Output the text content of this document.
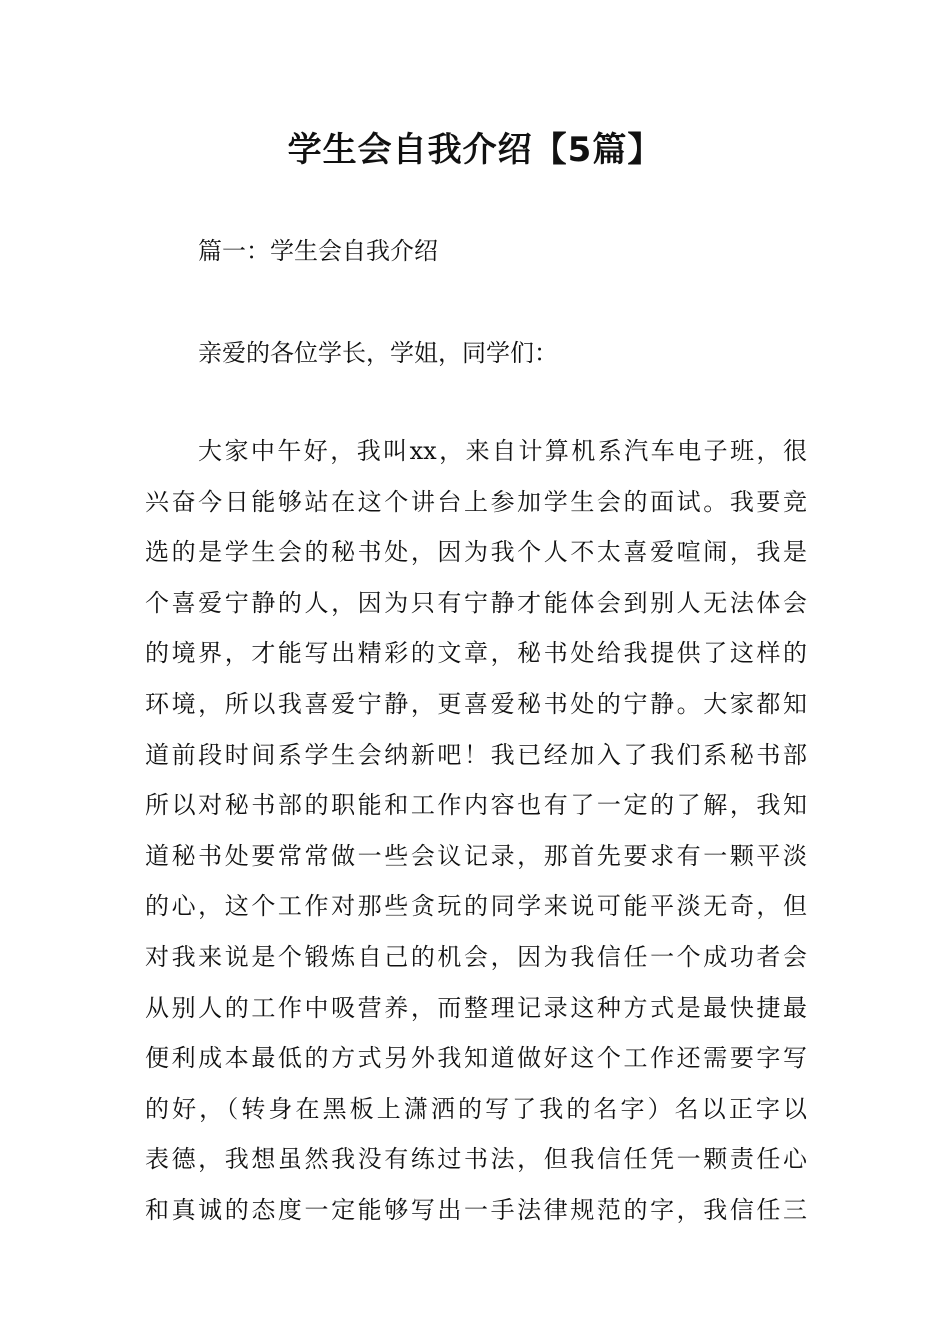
学生会自我介绍【5篇】
篇一：学生会自我介绍
亲爱的各位学长，学姐，同学们：
大家中午好，我叫xx，来自计算机系汽车电子班，很
兴奋今日能够站在这个讲台上参加学生会的面试。我要竞
选的是学生会的秘书处，因为我个人不太喜爱喧闹，我是
个喜爱宁静的人，因为只有宁静才能体会到别人无法体会
的境界，才能写出精彩的文章，秘书处给我提供了这样的
环境，所以我喜爱宁静，更喜爱秘书处的宁静。大家都知
道前段时间系学生会纳新吧！我已经加入了我们系秘书部
所以对秘书部的职能和工作内容也有了一定的了解，我知
道秘书处要常常做一些会议记录，那首先要求有一颗平淡
的心，这个工作对那些贪玩的同学来说可能平淡无奇，但
对我来说是个锻炼自己的机会，因为我信任一个成功者会
从别人的工作中吸营养，而整理记录这种方式是最快捷最
便利成本最低的方式另外我知道做好这个工作还需要字写
的好，（转身在黑板上潇洒的写了我的名字）名以正字以
表德，我想虽然我没有练过书法，但我信任凭一颗责任心
和真诚的态度一定能够写出一手法律规范的字，我信任三
